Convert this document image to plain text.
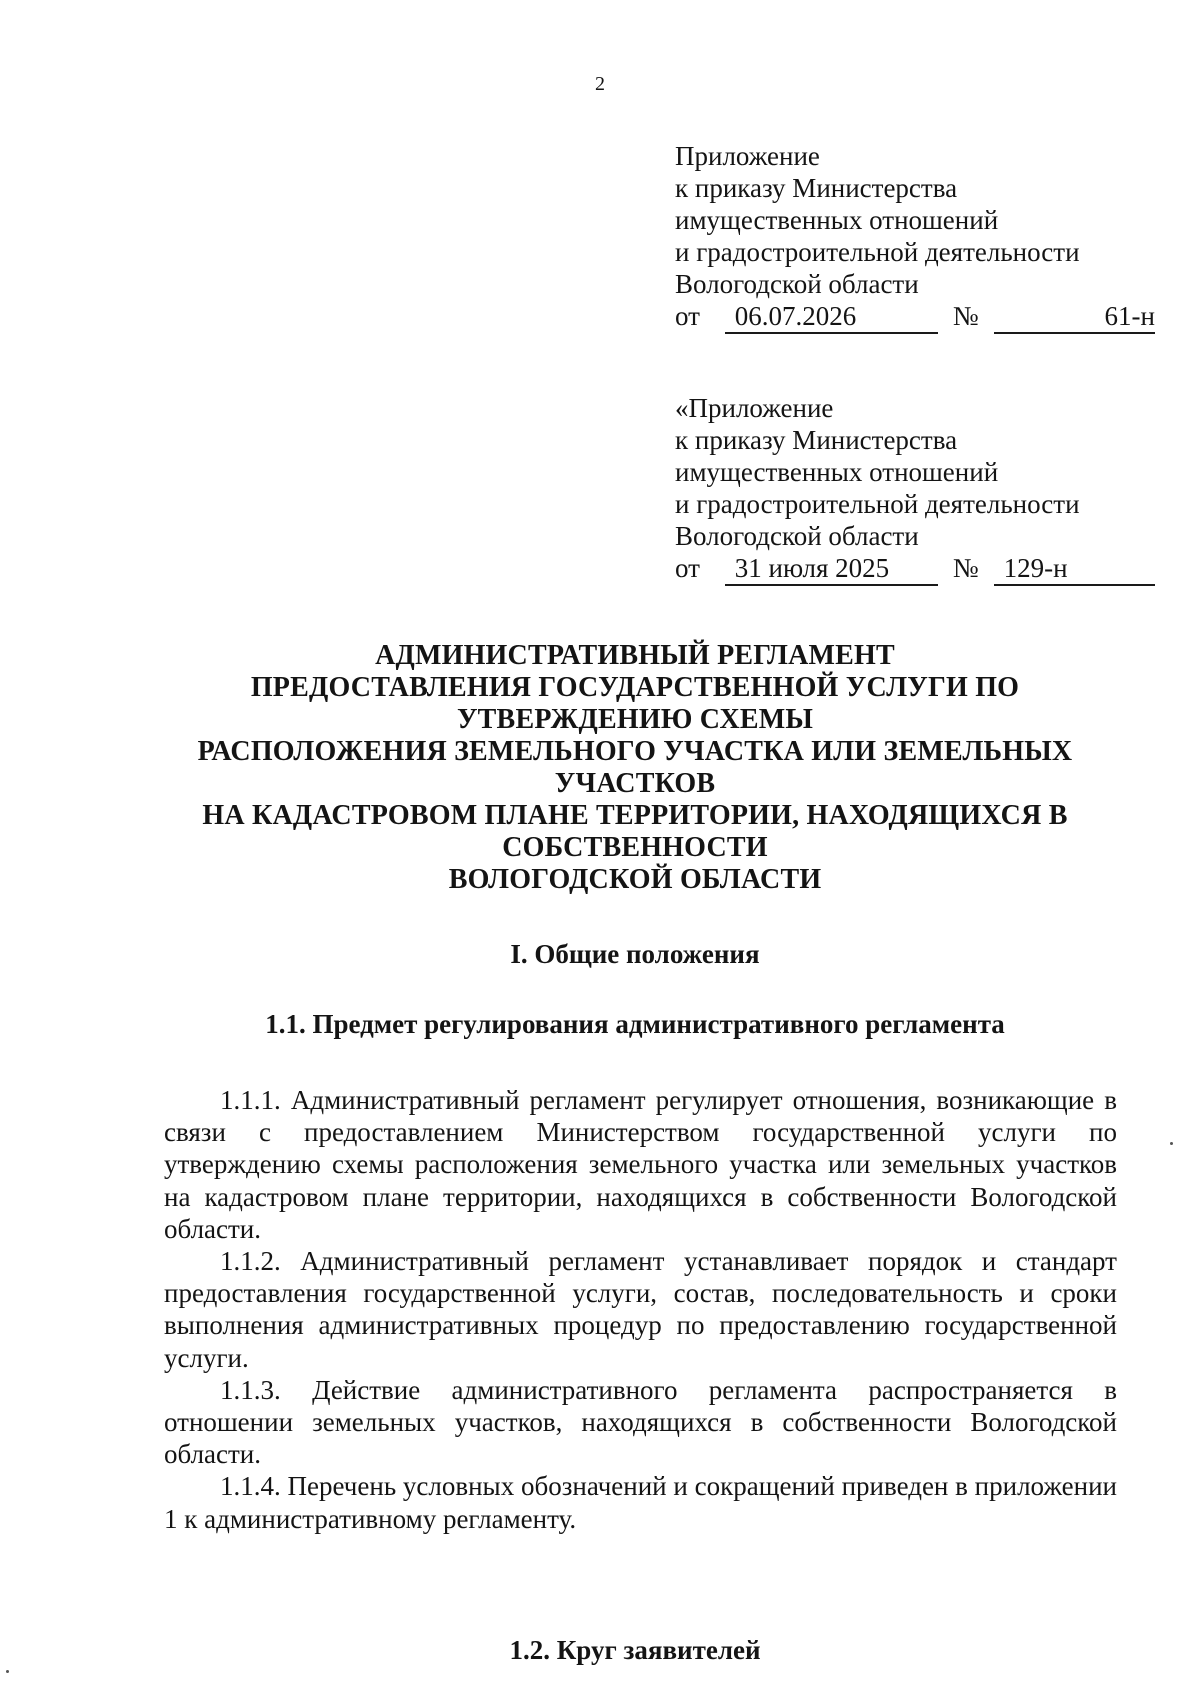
2
Приложение
к приказу Министерства
имущественных отношений
и градостроительной деятельности
Вологодской области
от	06.07.2026	№	61-н
«Приложение
к приказу Министерства
имущественных отношений
и градостроительной деятельности
Вологодской области
от	31 июля 2025	№ 129-н
АДМИНИСТРАТИВНЫЙ РЕГЛАМЕНТ
ПРЕДОСТАВЛЕНИЯ ГОСУДАРСТВЕННОЙ УСЛУГИ ПО
УТВЕРЖДЕНИЮ СХЕМЫ
РАСПОЛОЖЕНИЯ ЗЕМЕЛЬНОГО УЧАСТКА ИЛИ ЗЕМЕЛЬНЫХ
УЧАСТКОВ
НА КАДАСТРОВОМ ПЛАНЕ ТЕРРИТОРИИ, НАХОДЯЩИХСЯ В
СОБСТВЕННОСТИ
ВОЛОГОДСКОЙ ОБЛАСТИ
I. Общие положения
1.1. Предмет регулирования административного регламента

1.1.1. Административный регламент регулирует отношения, возникающие в связи с предоставлением Министерством государственной услуги по утверждению схемы расположения земельного участка или земельных участков на кадастровом плане территории, находящихся в собственности Вологодской области.

1.1.2. Административный регламент устанавливает порядок и стандарт предоставления государственной услуги, состав, последовательность и сроки выполнения административных процедур по предоставлению государственной услуги.

1.1.3. Действие административного регламента распространяется в отношении земельных участков, находящихся в собственности Вологодской области.

1.1.4. Перечень условных обозначений и сокращений приведен в приложении 1 к административному регламенту.

1.2. Круг заявителей
